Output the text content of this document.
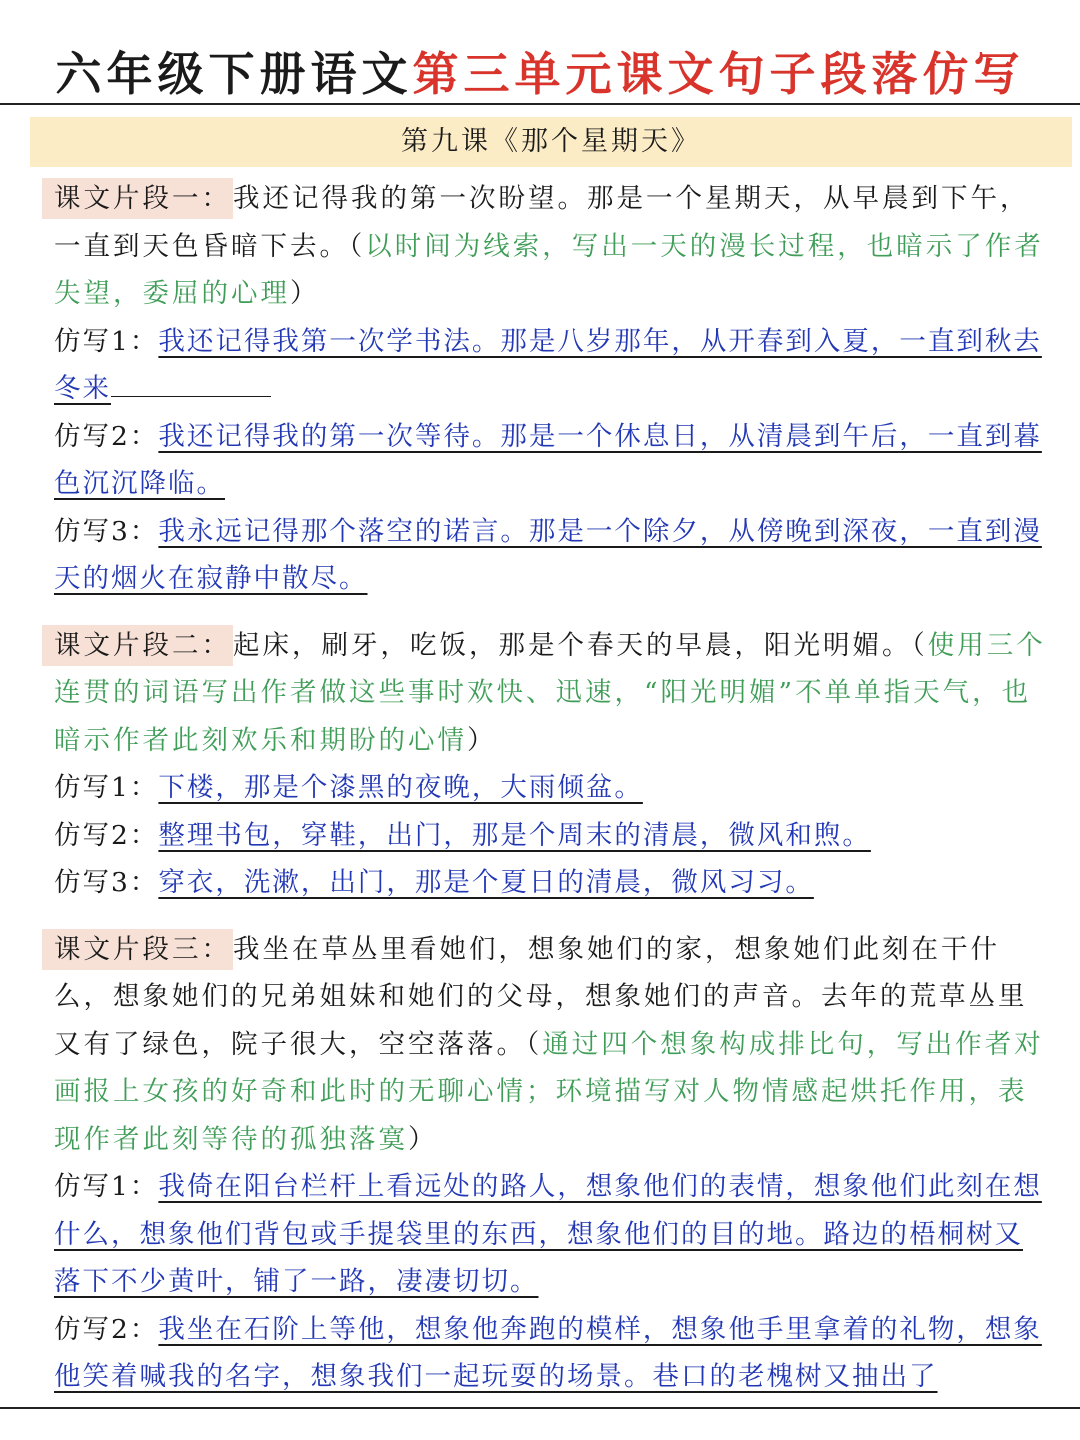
六年级下册语文第三单元课文句子段落仿写
第九课《那个星期天》

课文片段一：我还记得我的第一次盼望。那是一个星期天，从早晨到下午，一直到天色昏暗下去。（以时间为线索，写出一天的漫长过程，也暗示了作者失望，委屈的心理）

仿写1：我还记得我第一次学书法。那是八岁那年，从开春到入夏，一直到秋去冬来

仿写2：我还记得我的第一次等待。那是一个休息日，从清晨到午后，一直到暮色沉沉降临。

仿写3：我永远记得那个落空的诺言。那是一个除夕，从傍晚到深夜，一直到漫天的烟火在寂静中散尽。

课文片段二：起床，刷牙，吃饭，那是个春天的早晨，阳光明媚。（使用三个连贯的词语写出作者做这些事时欢快、迅速，“阳光明媚”不单单指天气，也暗示作者此刻欢乐和期盼的心情）

仿写1：下楼，那是个漆黑的夜晚，大雨倾盆。

仿写2：整理书包，穿鞋，出门，那是个周末的清晨，微风和煦。

仿写3：穿衣，洗漱，出门，那是个夏日的清晨，微风习习。

课文片段三：我坐在草丛里看她们，想象她们的家，想象她们此刻在干什么，想象她们的兄弟姐妹和她们的父母，想象她们的声音。去年的荒草丛里又有了绿色，院子很大，空空落落。（通过四个想象构成排比句，写出作者对画报上女孩的好奇和此时的无聊心情；环境描写对人物情感起烘托作用，表现作者此刻等待的孤独落寞）

仿写1：我倚在阳台栏杆上看远处的路人，想象他们的表情，想象他们此刻在想什么，想象他们背包或手提袋里的东西，想象他们的目的地。路边的梧桐树又落下不少黄叶，铺了一路，凄凄切切。

仿写2：我坐在石阶上等他，想象他奔跑的模样，想象他手里拿着的礼物，想象他笑着喊我的名字，想象我们一起玩耍的场景。巷口的老槐树又抽出了
